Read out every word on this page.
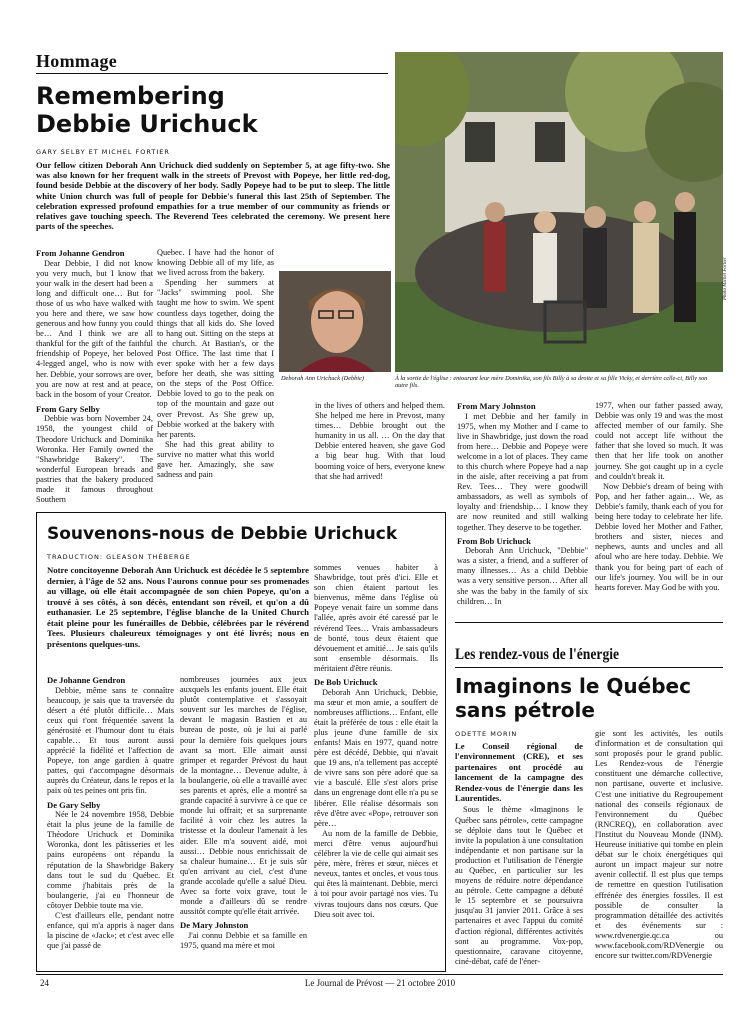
Hommage
Remembering
Debbie Urichuck
GARY SELBY ET MICHEL FORTIER
Our fellow citizen Deborah Ann Urichuck died suddenly on September 5, at age fifty-two. She was also known for her frequent walk in the streets of Prevost with Popeye, her little red-dog, found beside Debbie at the discovery of her body. Sadly Popeye had to be put to sleep. The little white Union church was full of people for Debbie's funeral this last 25th of September. The celebration expressed profound empathies for a true member of our community as friends or relatives gave touching speech. The Reverend Tees celebrated the ceremony. We present here parts of the speeches.
Photo Michel Fortier
Deborah Ann Urichuck (Debbie)	À la sortie de l'église : entourant leur mère Dominika, son fils Billy à sa droite et sa fille Vicky, et derrière celle-ci, Billy son autre fils.
From Johanne Gendron
Dear Debbie, I did not know you very much, but I know that your walk in the desert had been a long and difficult one… But for those of us who have walked with you here and there, we saw how generous and how funny you could be… And I think we are all thankful for the gift of the faithful friendship of Popeye, her beloved 4-legged angel, who is now with her. Debbie, your sorrows are over, you are now at rest and at peace, back in the bosom of your Creator.
From Gary Selby
Debbie was born November 24, 1958, the youngest child of Theodore Urichuck and Dominika Woronka. Her Family owned the "Shawbridge Bakery". The wonderful European breads and pastries that the bakery produced made it famous throughout Southern
Quebec. I have had the honor of knowing Debbie all of my life, as we lived across from the bakery.
Spending her summers at "Jacks" swimming pool. She taught me how to swim. We spent countless days together, doing the things that all kids do. She loved to hang out. Sitting on the steps at the church. At Bastian's, or the Post Office. The last time that I ever spoke with her a few days before her death, she was sitting on the steps of the Post Office. Debbie loved to go to the peak on top of the mountain and gaze out over Prevost. As She grew up, Debbie worked at the bakery with her parents.
She had this great ability to survive no matter what this world gave her. Amazingly, she saw sadness and pain
in the lives of others and helped them. She helped me here in Prevost, many times… Debbie brought out the humanity in us all. … On the day that Debbie entered heaven, she gave God a big bear hug. With that loud booming voice of hers, everyone knew that she had arrived!
From Mary Johnston
I met Debbie and her family in 1975, when my Mother and I came to live in Shawbridge, just down the road from here… Debbie and Popeye were welcome in a lot of places. They came to this church where Popeye had a nap in the aisle, after receiving a pat from Rev. Tees… They were goodwill ambassadors, as well as symbols of loyalty and friendship… I know they are now reunited and still walking together. They deserve to be together.
From Bob Urichuck
Deborah Ann Urichuck, "Debbie" was a sister, a friend, and a sufferer of many illnesses… As a child Debbie was a very sensitive person… After all she was the baby in the family of six children… In
1977, when our father passed away, Debbie was only 19 and was the most affected member of our family. She could not accept life without the father that she loved so much. It was then that her life took on another journey. She got caught up in a cycle and couldn't break it.
Now Debbie's dream of being with Pop, and her father again… We, as Debbie's family, thank each of you for being here today to celebrate her life. Debbie loved her Mother and Father, brothers and sister, nieces and nephews, aunts and uncles and all afoul who are here today. Debbie. We thank you for being part of each of our life's journey. You will be in our hearts forever. May God be with you.
Souvenons-nous de Debbie Urichuck
TRADUCTION: GLEASON THÉBERGE
Notre concitoyenne Deborah Ann Urichuck est décédée le 5 septembre dernier, à l'âge de 52 ans. Nous l'aurons connue pour ses promenades au village, où elle était accompagnée de son chien Popeye, qu'on a trouvé à ses côtés, à son décès, entendant son réveil, et qu'on a dû euthanasier. Le 25 septembre, l'église blanche de la United Church était pleine pour les funérailles de Debbie, célébrées par le révérend Tees. Plusieurs chaleureux témoignages y ont été livrés; nous en présentons quelques-uns.
De Johanne Gendron
Debbie, même sans te connaître beaucoup, je sais que ta traversée du désert a été plutôt difficile… Mais ceux qui t'ont fréquentée savent la générosité et l'humour dont tu étais capable… Et tous auront aussi apprécié la fidélité et l'affection de Popeye, ton ange gardien à quatre pattes, qui t'accompagne désormais auprès du Créateur, dans le repos et la paix où tes peines ont pris fin.
De Gary Selby
Née le 24 novembre 1958, Debbie était la plus jeune de la famille de Théodore Urichuck et Dominika Woronka, dont les pâtisseries et les pains européens ont répandu la réputation de la Shawbridge Bakery dans tout le sud du Québec. Et comme j'habitais près de la boulangerie, j'ai eu l'honneur de côtoyer Debbie toute ma vie.
C'est d'ailleurs elle, pendant notre enfance, qui m'a appris à nager dans la piscine de «Jack»; et c'est avec elle que j'ai passé de
nombreuses journées aux jeux auxquels les enfants jouent. Elle était plutôt contemplative et s'assoyait souvent sur les marches de l'église, devant le magasin Bastien et au bureau de poste, où je lui ai parlé pour la dernière fois quelques jours avant sa mort. Elle aimait aussi grimper et regarder Prévost du haut de la montagne… Devenue adulte, à la boulangerie, où elle a travaillé avec ses parents et après, elle a montré sa grande capacité à survivre à ce que ce monde lui offrait; et sa surprenante facilité à voir chez les autres la tristesse et la douleur l'amenait à les aider. Elle m'a souvent aidé, moi aussi… Debbie nous enrichissait de sa chaleur humaine… Et je suis sûr qu'en arrivant au ciel, c'est d'une grande accolade qu'elle a salué Dieu. Avec sa forte voix grave, tout le monde a d'ailleurs dû se rendre aussitôt compte qu'elle était arrivée.
De Mary Johnston
J'ai connu Debbie et sa famille en 1975, quand ma mère et moi
sommes venues habiter à Shawbridge, tout près d'ici. Elle et son chien étaient partout les bienvenus, même dans l'église où Popeye venait faire un somme dans l'allée, après avoir été caressé par le révérend Tees… Vrais ambassadeurs de bonté, tous deux étaient que dévouement et amitié… Je sais qu'ils sont ensemble désormais. Ils méritaient d'être réunis.
De Bob Urichuck
Deborah Ann Urichuck, Debbie, ma sœur et mon amie, a souffert de nombreuses afflictions… Enfant, elle était la préférée de tous : elle était la plus jeune d'une famille de six enfants! Mais en 1977, quand notre père est décédé, Debbie, qui n'avait que 19 ans, n'a tellement pas accepté de vivre sans son père adoré que sa vie a basculé. Elle s'est alors prise dans un engrenage dont elle n'a pu se libérer. Elle réalise désormais son rêve d'être avec «Pop», retrouver son père…
Au nom de la famille de Debbie, merci d'être venus aujourd'hui célébrer la vie de celle qui aimait ses père, mère, frères et sœur, nièces et neveux, tantes et oncles, et vous tous qui êtes là maintenant. Debbie, merci à toi pour avoir partagé nos vies. Tu vivras toujours dans nos cœurs. Que Dieu soit avec toi.
Les rendez-vous de l'énergie
Imaginons le Québec
sans pétrole
ODETTE MORIN
Le Conseil régional de l'environnement (CRE), et ses partenaires ont procédé au lancement de la campagne des Rendez-vous de l'énergie dans les Laurentides.
Sous le thème «Imaginons le Québec sans pétrole», cette campagne se déploie dans tout le Québec et invite la population à une consultation indépendante et non partisane sur la production et l'utilisation de l'énergie au Québec, en particulier sur les moyens de réduire notre dépendance au pétrole. Cette campagne a débuté le 15 septembre et se poursuivra jusqu'au 31 janvier 2011. Grâce à ses partenaires et avec l'appui du comité d'action régional, différentes activités sont au programme. Vox-pop, questionnaire, caravane citoyenne, ciné-débat, café de l'éner-
gie sont les activités, les outils d'information et de consultation qui sont proposés pour le grand public. Les Rendez-vous de l'énergie constituent une démarche collective, non partisane, ouverte et inclusive. C'est une initiative du Regroupement national des conseils régionaux de l'environnement du Québec (RNCREQ), en collaboration avec l'Institut du Nouveau Monde (INM). Heureuse initiative qui tombe en plein débat sur le choix énergétiques qui auront un impact majeur sur notre avenir collectif. Il est plus que temps de remettre en question l'utilisation effrénée des énergies fossiles. Il est possible de consulter la programmation détaillée des activités et des événements sur : www.rdvenergie.qc.ca ou www.facebook.com/RDVenergie ou encore sur twitter.com/RDVenergie
24	Le Journal de Prévost — 21 octobre 2010
